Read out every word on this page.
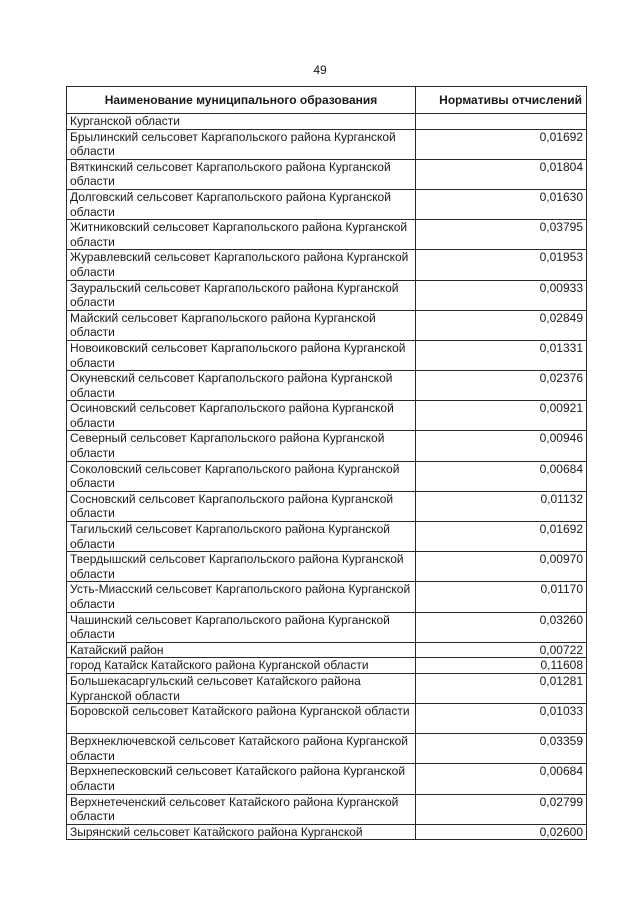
49
Наименование муниципального образования	Нормативы отчислений
Курганской области	
Брылинский сельсовет Каргапольского района Курганской области	0,01692
Вяткинский сельсовет Каргапольского района Курганской области	0,01804
Долговский сельсовет Каргапольского района Курганской области	0,01630
Житниковский сельсовет Каргапольского района Курганской области	0,03795
Журавлевский сельсовет Каргапольского района Курганской области	0,01953
Зауральский сельсовет Каргапольского района Курганской области	0,00933
Майский сельсовет Каргапольского района Курганской области	0,02849
Новоиковский сельсовет Каргапольского района Курганской области	0,01331
Окуневский сельсовет Каргапольского района Курганской области	0,02376
Осиновский сельсовет Каргапольского района Курганской области	0,00921
Северный сельсовет Каргапольского района Курганской области	0,00946
Соколовский сельсовет Каргапольского района Курганской области	0,00684
Сосновский сельсовет Каргапольского района Курганской области	0,01132
Тагильский сельсовет Каргапольского района Курганской области	0,01692
Твердышский сельсовет Каргапольского района Курганской области	0,00970
Усть-Миасский сельсовет Каргапольского района Курганской области	0,01170
Чашинский сельсовет Каргапольского района Курганской области	0,03260
Катайский район	0,00722
город Катайск Катайского района Курганской области	0,11608
Большекасаргульский сельсовет Катайского района Курганской области	0,01281
Боровской сельсовет Катайского района Курганской области	0,01033
Верхнеключевской сельсовет Катайского района Курганской области	0,03359
Верхнепесковский сельсовет Катайского района Курганской области	0,00684
Верхнетеченский сельсовет Катайского района Курганской области	0,02799
Зырянский сельсовет Катайского района Курганской	0,02600
